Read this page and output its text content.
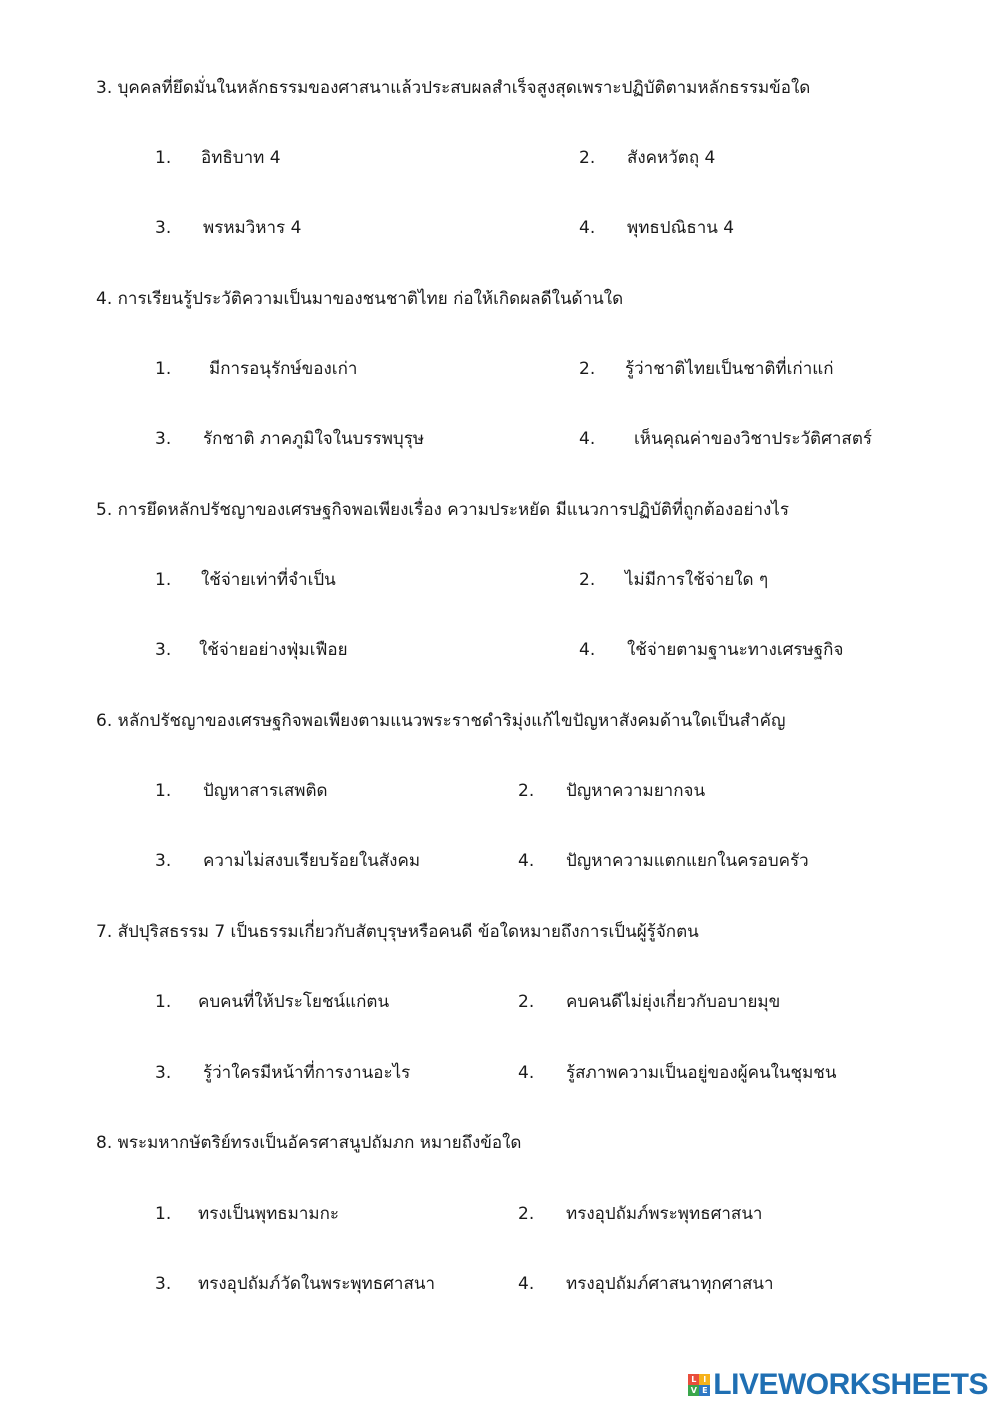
3. บุคคลที่ยึดมั่นในหลักธรรมของศาสนาแล้วประสบผลสำเร็จสูงสุดเพราะปฏิบัติตามหลักธรรมข้อใด
1. อิทธิบาท 4	2. สังคหวัตถุ 4
3. พรหมวิหาร 4	4. พุทธปณิธาน 4
4. การเรียนรู้ประวัติความเป็นมาของชนชาติไทย ก่อให้เกิดผลดีในด้านใด
1. มีการอนุรักษ์ของเก่า	2. รู้ว่าชาติไทยเป็นชาติที่เก่าแก่
3. รักชาติ ภาคภูมิใจในบรรพบุรุษ	4. เห็นคุณค่าของวิชาประวัติศาสตร์
5. การยึดหลักปรัชญาของเศรษฐกิจพอเพียงเรื่อง ความประหยัด มีแนวการปฏิบัติที่ถูกต้องอย่างไร
1. ใช้จ่ายเท่าที่จำเป็น	2. ไม่มีการใช้จ่ายใด ๆ
3. ใช้จ่ายอย่างฟุ่มเฟือย	4. ใช้จ่ายตามฐานะทางเศรษฐกิจ
6. หลักปรัชญาของเศรษฐกิจพอเพียงตามแนวพระราชดำริมุ่งแก้ไขปัญหาสังคมด้านใดเป็นสำคัญ
1. ปัญหาสารเสพติด	2. ปัญหาความยากจน
3. ความไม่สงบเรียบร้อยในสังคม	4. ปัญหาความแตกแยกในครอบครัว
7. สัปปุริสธรรม 7 เป็นธรรมเกี่ยวกับสัตบุรุษหรือคนดี ข้อใดหมายถึงการเป็นผู้รู้จักตน
1. คบคนที่ให้ประโยชน์แก่ตน	2. คบคนดีไม่ยุ่งเกี่ยวกับอบายมุข
3. รู้ว่าใครมีหน้าที่การงานอะไร	4. รู้สภาพความเป็นอยู่ของผู้คนในชุมชน
8. พระมหากษัตริย์ทรงเป็นอัครศาสนูปถัมภก หมายถึงข้อใด
1. ทรงเป็นพุทธมามกะ	2. ทรงอุปถัมภ์พระพุทธศาสนา
3. ทรงอุปถัมภ์วัดในพระพุทธศาสนา	4. ทรงอุปถัมภ์ศาสนาทุกศาสนา
L I
V E LIVEWORKSHEETS
